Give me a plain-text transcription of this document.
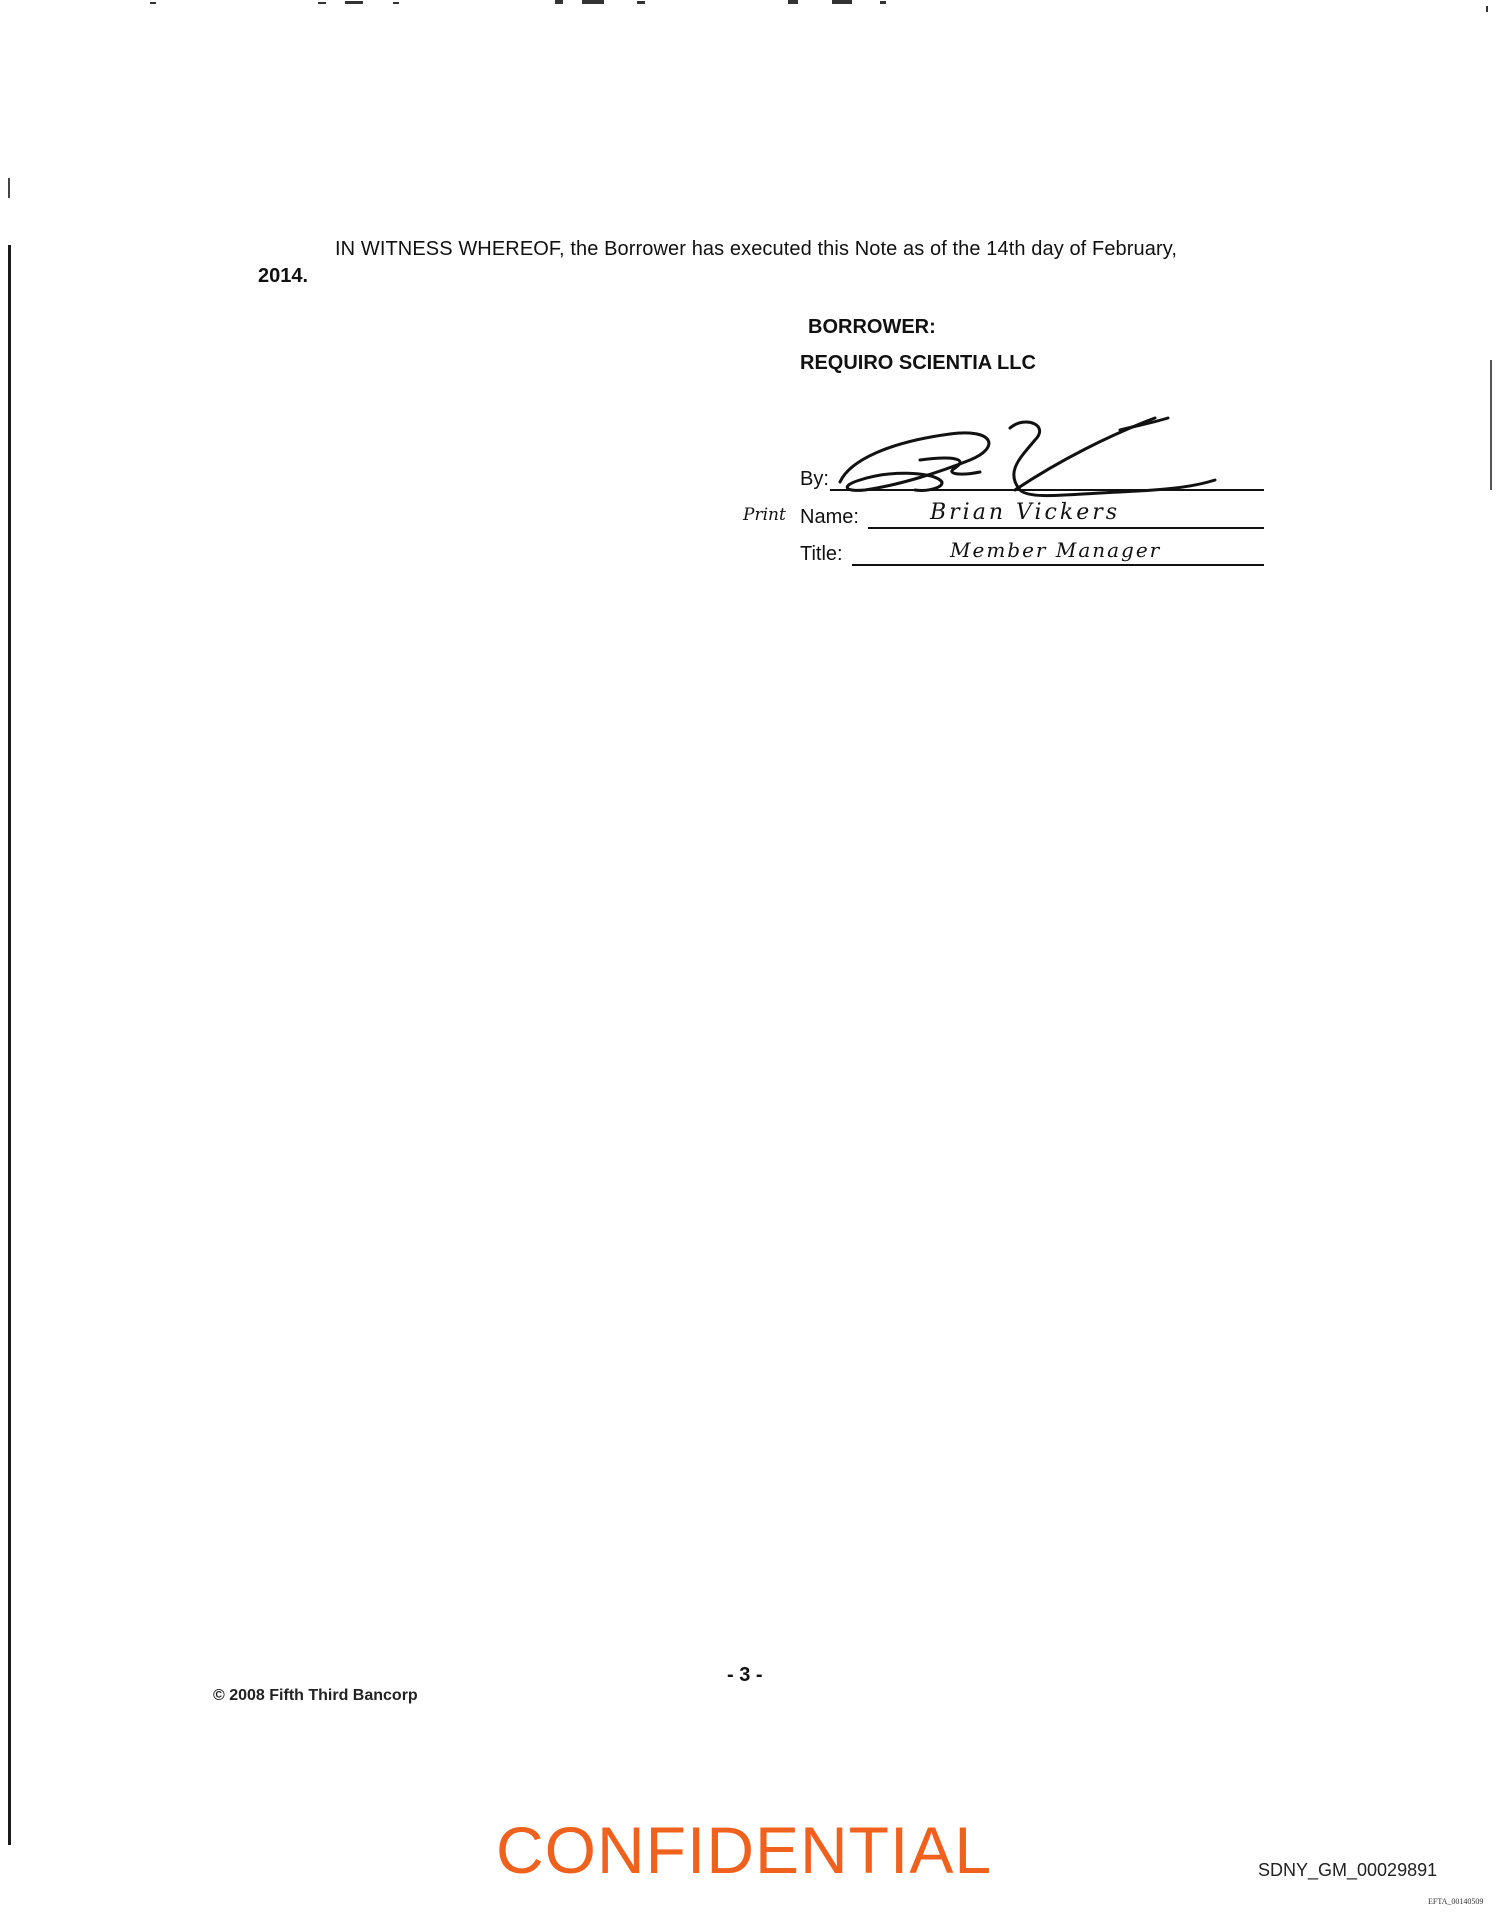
IN WITNESS WHEREOF, the Borrower has executed this Note as of the 14th day of February,
2014.
BORROWER:
REQUIRO SCIENTIA LLC
By:
Print Name:	Brian Vickers
Title:	Member Manager
- 3 -
© 2008 Fifth Third Bancorp
CONFIDENTIAL	SDNY_GM_00029891
EFTA_00140509
